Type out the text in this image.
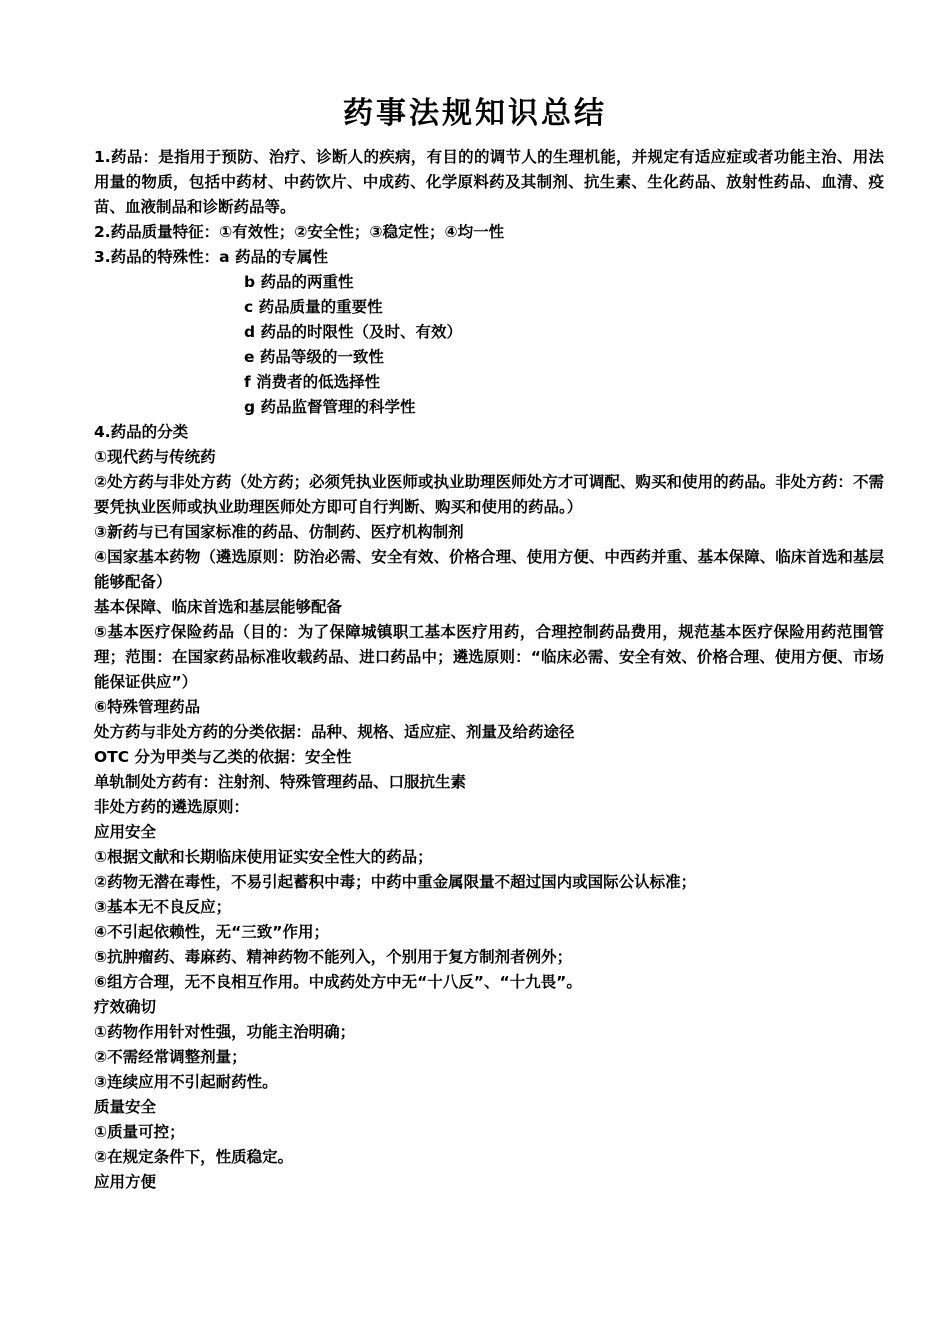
药事法规知识总结
1.药品：是指用于预防、治疗、诊断人的疾病，有目的的调节人的生理机能，并规定有适应症或者功能主治、用法用量的物质，包括中药材、中药饮片、中成药、化学原料药及其制剂、抗生素、生化药品、放射性药品、血清、疫苗、血液制品和诊断药品等。
2.药品质量特征：①有效性；②安全性；③稳定性；④均一性
3.药品的特殊性：a 药品的专属性
b 药品的两重性
c 药品质量的重要性
d 药品的时限性（及时、有效）
e 药品等级的一致性
f 消费者的低选择性
g 药品监督管理的科学性
4.药品的分类
①现代药与传统药
②处方药与非处方药（处方药；必须凭执业医师或执业助理医师处方才可调配、购买和使用的药品。非处方药：不需要凭执业医师或执业助理医师处方即可自行判断、购买和使用的药品。）
③新药与已有国家标准的药品、仿制药、医疗机构制剂
④国家基本药物（遴选原则：防治必需、安全有效、价格合理、使用方便、中西药并重、基本保障、临床首选和基层能够配备）
基本保障、临床首选和基层能够配备
⑤基本医疗保险药品（目的：为了保障城镇职工基本医疗用药，合理控制药品费用，规范基本医疗保险用药范围管理；范围：在国家药品标准收载药品、进口药品中；遴选原则：“临床必需、安全有效、价格合理、使用方便、市场能保证供应”）
⑥特殊管理药品
处方药与非处方药的分类依据：品种、规格、适应症、剂量及给药途径
OTC 分为甲类与乙类的依据：安全性
单轨制处方药有：注射剂、特殊管理药品、口服抗生素
非处方药的遴选原则：
应用安全
①根据文献和长期临床使用证实安全性大的药品；
②药物无潜在毒性，不易引起蓄积中毒；中药中重金属限量不超过国内或国际公认标准；
③基本无不良反应；
④不引起依赖性，无“三致”作用；
⑤抗肿瘤药、毒麻药、精神药物不能列入，个别用于复方制剂者例外；
⑥组方合理，无不良相互作用。中成药处方中无“十八反”、“十九畏”。
疗效确切
①药物作用针对性强，功能主治明确；
②不需经常调整剂量；
③连续应用不引起耐药性。
质量安全
①质量可控；
②在规定条件下，性质稳定。
应用方便
